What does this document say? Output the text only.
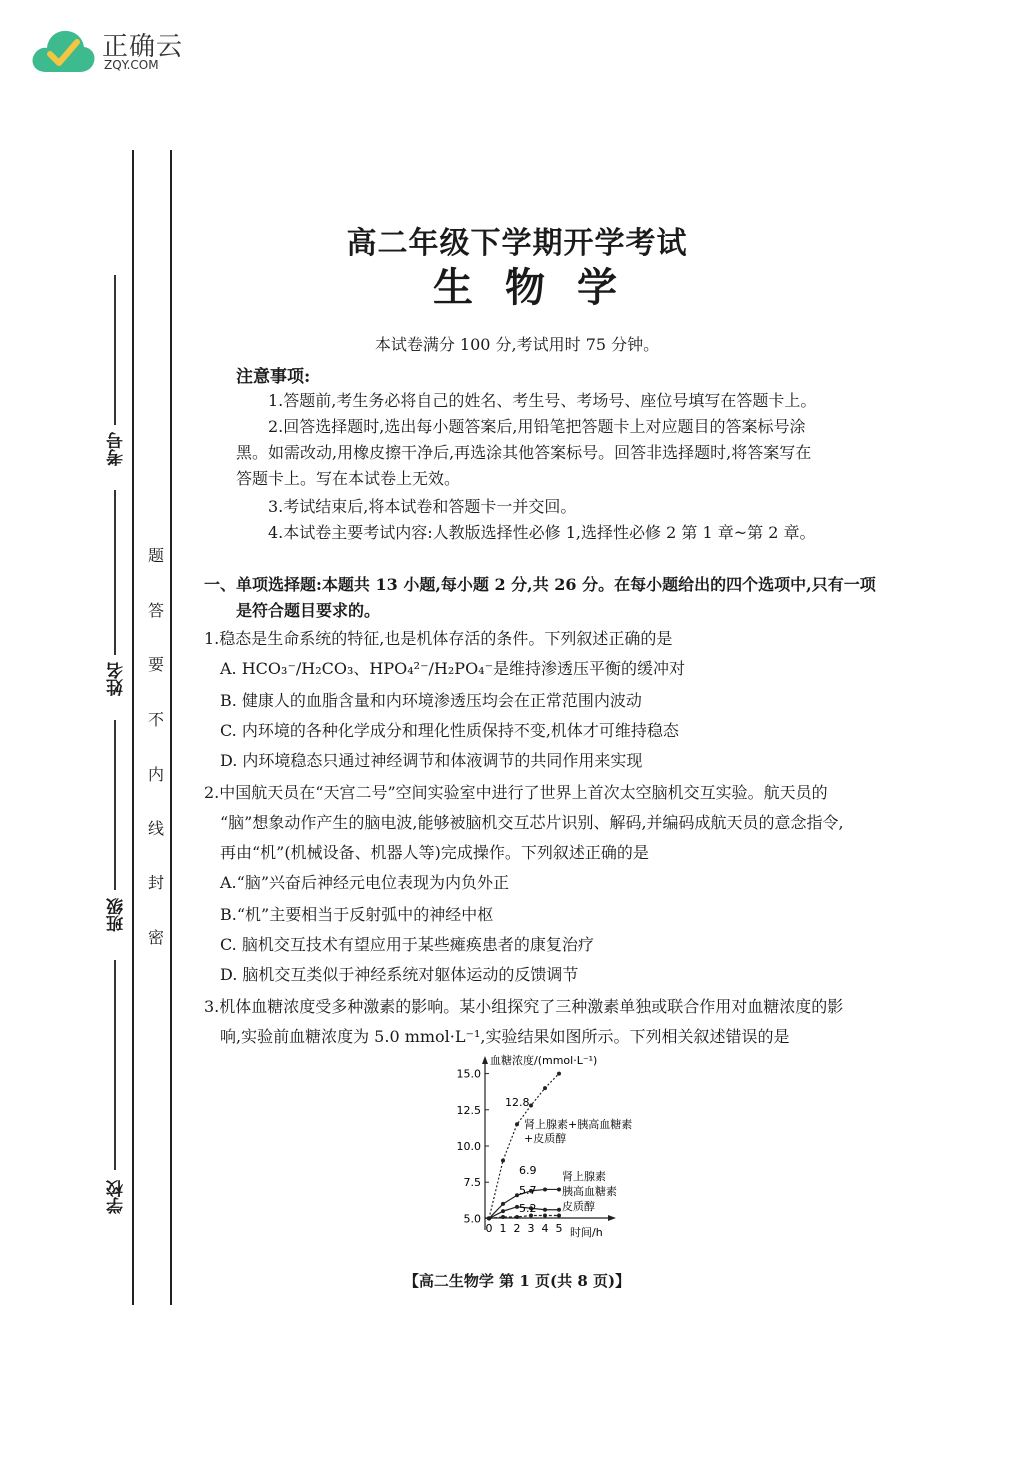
正确云
ZQY.COM
学校
班级
姓名
考号
密
封
线
内
不
要
答
题
高二年级下学期开学考试
生物学
本试卷满分 100 分,考试用时 75 分钟。
注意事项:
1.答题前,考生务必将自己的姓名、考生号、考场号、座位号填写在答题卡上。
2.回答选择题时,选出每小题答案后,用铅笔把答题卡上对应题目的答案标号涂
黑。如需改动,用橡皮擦干净后,再选涂其他答案标号。回答非选择题时,将答案写在
答题卡上。写在本试卷上无效。
3.考试结束后,将本试卷和答题卡一并交回。
4.本试卷主要考试内容:人教版选择性必修 1,选择性必修 2 第 1 章~第 2 章。
一、单项选择题:本题共 13 小题,每小题 2 分,共 26 分。在每小题给出的四个选项中,只有一项
是符合题目要求的。
1.稳态是生命系统的特征,也是机体存活的条件。下列叙述正确的是
A. HCO₃⁻/H₂CO₃、HPO₄²⁻/H₂PO₄⁻是维持渗透压平衡的缓冲对
B. 健康人的血脂含量和内环境渗透压均会在正常范围内波动
C. 内环境的各种化学成分和理化性质保持不变,机体才可维持稳态
D. 内环境稳态只通过神经调节和体液调节的共同作用来实现
2.中国航天员在“天宫二号”空间实验室中进行了世界上首次太空脑机交互实验。航天员的
“脑”想象动作产生的脑电波,能够被脑机交互芯片识别、解码,并编码成航天员的意念指令,
再由“机”(机械设备、机器人等)完成操作。下列叙述正确的是
A.“脑”兴奋后神经元电位表现为内负外正
B.“机”主要相当于反射弧中的神经中枢
C. 脑机交互技术有望应用于某些瘫痪患者的康复治疗
D. 脑机交互类似于神经系统对躯体运动的反馈调节
3.机体血糖浓度受多种激素的影响。某小组探究了三种激素单独或联合作用对血糖浓度的影
响,实验前血糖浓度为 5.0 mmol·L⁻¹,实验结果如图所示。下列相关叙述错误的是
血糖浓度/(mmol·L⁻¹)
时间/h
5.0
7.5
10.0
12.5
15.0
0 1 2 3 4 5
12.8
6.9
5.7
5.2
肾上腺素+胰高血糖素
+皮质醇
肾上腺素
胰高血糖素
皮质醇
【高二生物学 第 1 页(共 8 页)】
